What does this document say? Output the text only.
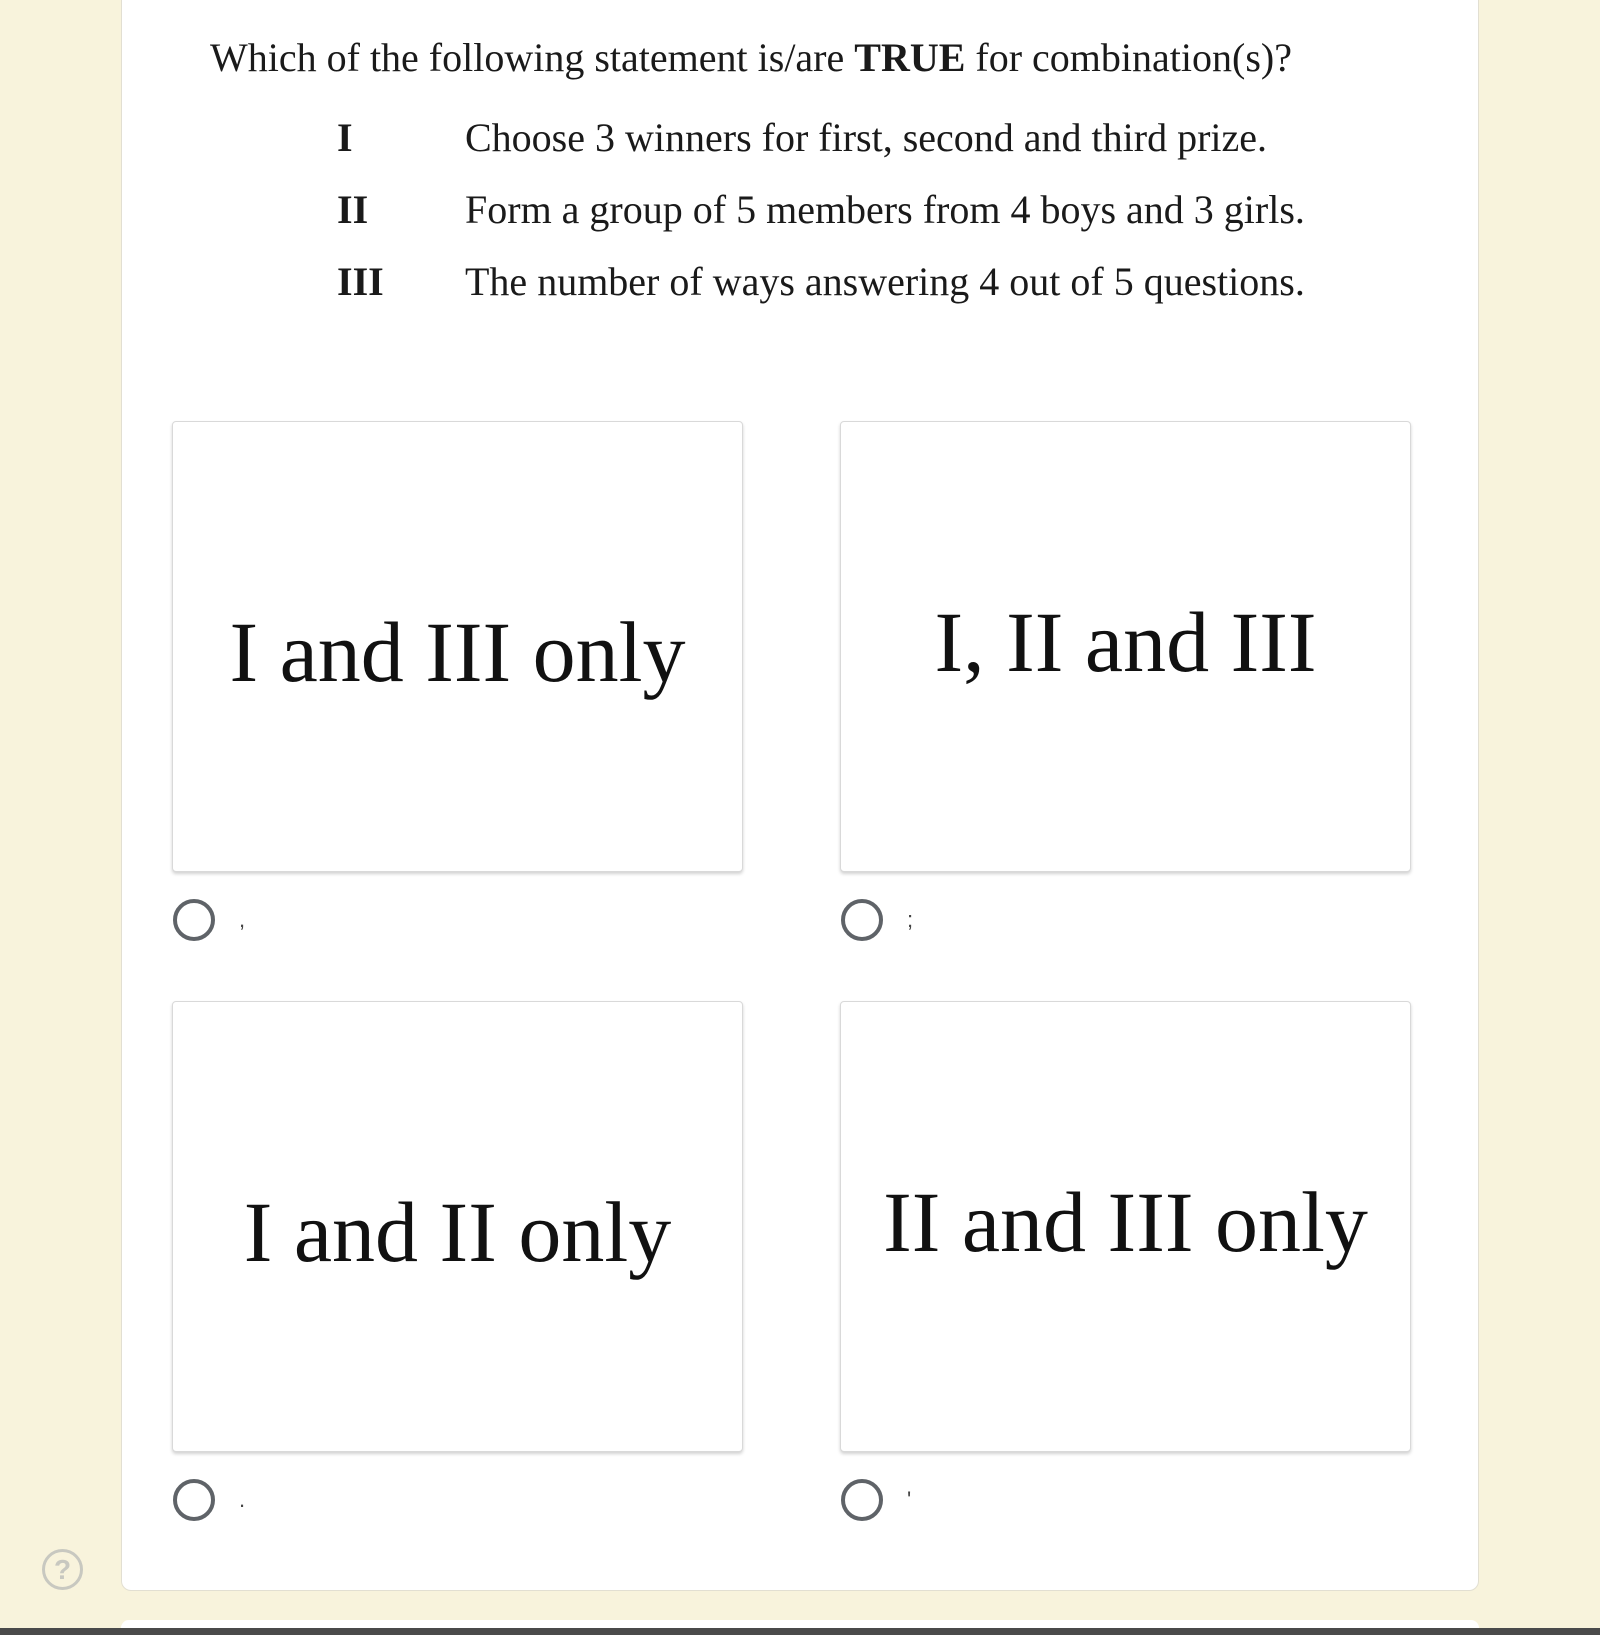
Which of the following statement is/are TRUE for combination(s)?
I	Choose 3 winners for first, second and third prize.
II	Form a group of 5 members from 4 boys and 3 girls.
III	The number of ways answering 4 out of 5 questions.
I and III only
,
I, II and III
;
I and II only
.
II and III only
'
?
